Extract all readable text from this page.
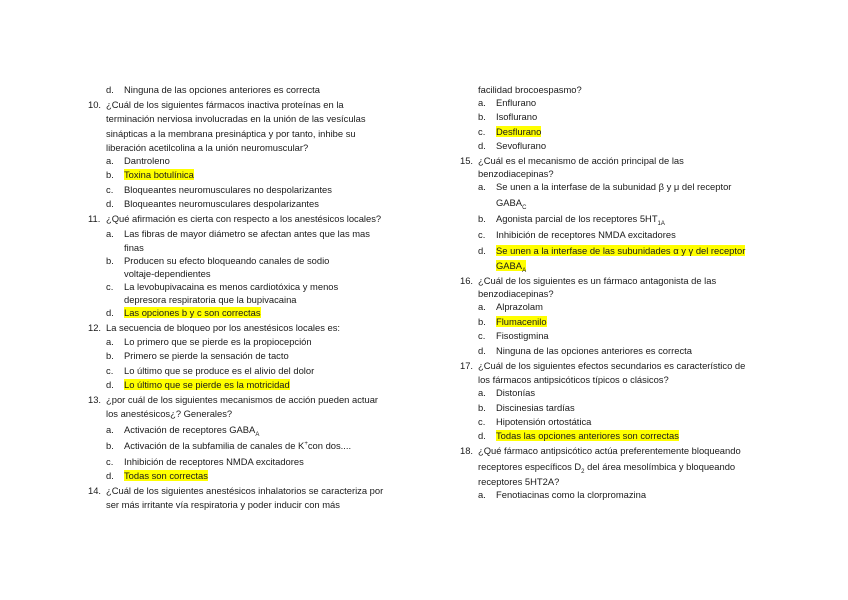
d. Ninguna de las opciones anteriores es correcta
10. ¿Cuál de los siguientes fármacos inactiva proteínas en la
terminación nerviosa involucradas en la unión de las vesículas
sinápticas a la membrana presináptica y por tanto, inhibe su
liberación acetilcolina a la unión neuromuscular?
a. Dantroleno
b. Toxina botulínica
c. Bloqueantes neuromusculares no despolarizantes
d. Bloqueantes neuromusculares despolarizantes
11. ¿Qué afirmación es cierta con respecto a los anestésicos locales?
a. Las fibras de mayor diámetro se afectan antes que las mas
finas
b. Producen su efecto bloqueando canales de sodio
voltaje-dependientes
c. La levobupivacaina es menos cardiotóxica y menos
depresora respiratoria que la bupivacaina
d. Las opciones b y c son correctas
12. La secuencia de bloqueo por los anestésicos locales es:
a. Lo primero que se pierde es la propiocepción
b. Primero se pierde la sensación de tacto
c. Lo último que se produce es el alivio del dolor
d. Lo último que se pierde es la motricidad
13. ¿por cuál de los siguientes mecanismos de acción pueden actuar
los anestésicos¿? Generales?
a. Activación de receptores $GABA_A$
b. Activación de la subfamilia de canales de K+con dos....
c. Inhibición de receptores NMDA excitadores
d. Todas son correctas
14. ¿Cuál de los siguientes anestésicos inhalatorios se caracteriza por
ser más irritante vía respiratoria y poder inducir con más
facilidad brocoespasmo?
a. Enflurano
b. Isoflurano
c. Desflurano
d. Sevoflurano
15. ¿Cuál es el mecanismo de acción principal de las
benzodiacepinas?
a. Se unen a la interfase de la subunidad β y μ del receptor
$GABA_C$
b. Agonista parcial de los receptores $5HT_{1A}$
c. Inhibición de receptores NMDA excitadores
d. Se unen a la interfase de las subunidades α y γ del receptor
$GABA_A$
16. ¿Cuál de los siguientes es un fármaco antagonista de las
benzodiacepinas?
a. Alprazolam
b. Flumacenilo
c. Fisostigmina
d. Ninguna de las opciones anteriores es correcta
17. ¿Cuál de los siguientes efectos secundarios es característico de
los fármacos antipsicóticos típicos o clásicos?
a. Distonías
b. Discinesias tardías
c. Hipotensión ortostática
d. Todas las opciones anteriores son correctas
18. ¿Qué fármaco antipsicótico actúa preferentemente bloqueando
receptores específicos $D_2$ del área mesolímbica y bloqueando
receptores 5HT2A?
a. Fenotiacinas como la clorpromazina
